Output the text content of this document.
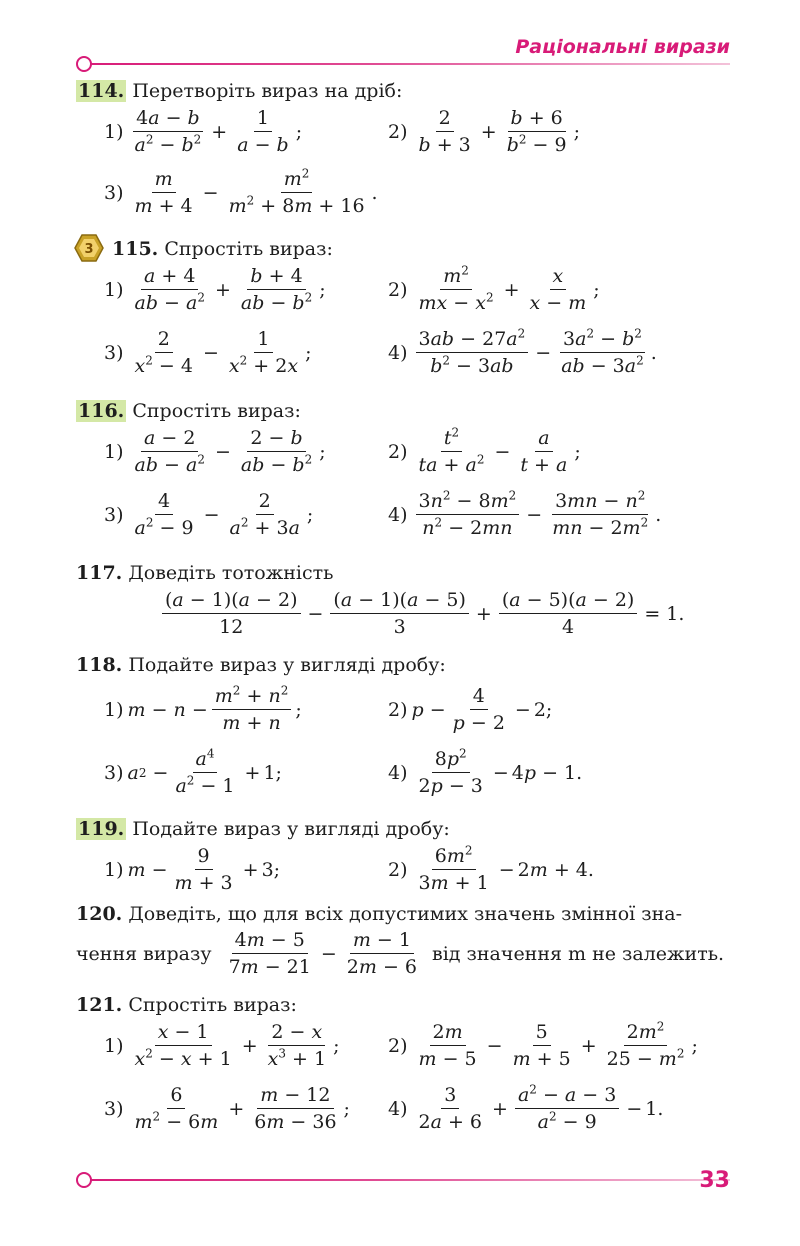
Раціональні вирази
114. Перетворіть вираз на дріб:
$1) \frac{4a - b}{a^2 - b^2} + \frac{1}{a - b}$ ;	$2) \frac{2}{b + 3} + \frac{b + 6}{b^2 - 9}$ ;
$3) \frac{m}{m + 4} - \frac{m^2}{m^2 + 8m + 16}$ .
3 115. Спростіть вираз:
$1) \frac{a + 4}{ab - a^2} + \frac{b + 4}{ab - b^2}$ ;	$2) \frac{m^2}{mx - x^2} + \frac{x}{x - m}$ ;
$3) \frac{2}{x^2 - 4} - \frac{1}{x^2 + 2x}$ ;	$4) \frac{3ab - 27a^2}{b^2 - 3ab} - \frac{3a^2 - b^2}{ab - 3a^2}$ .
116. Спростіть вираз:
$1) \frac{a - 2}{ab - a^2} - \frac{2 - b}{ab - b^2}$ ;	$2) \frac{t^2}{ta + a^2} - \frac{a}{t + a}$ ;
$3) \frac{4}{a^2 - 9} - \frac{2}{a^2 + 3a}$ ;	$4) \frac{3n^2 - 8m^2}{n^2 - 2mn} - \frac{3mn - n^2}{mn - 2m^2}$ .
117. Доведіть тотожність
$\frac{(a - 1)(a - 2)}{12} - \frac{(a - 1)(a - 5)}{3} + \frac{(a - 5)(a - 2)}{4} = 1$.
118. Подайте вираз у вигляді дробу:
1) $m - n - \frac{m^2 + n^2}{m + n}$ ;	2) $p - \frac{4}{p - 2} - 2$;
3) a $2 - \frac{a^4}{a^2 - 1} + 1$;	$4) \frac{8p^2}{2p - 3} - 4$ p − 1.
119. Подайте вираз у вигляді дробу:
1) $m - \frac{9}{m + 3} + 3$;	$2) \frac{6m^2}{3m + 1} - 2$ m + 4.
120. Доведіть, що для всіх допустимих значень змінної зна-
чення виразу $\frac{4m - 5}{7m - 21} - \frac{m - 1}{2m - 6}$ від значення m не залежить.
121. Спростіть вираз:
$1) \frac{x - 1}{x^2 - x + 1} + \frac{2 - x}{x^3 + 1}$ ;	$2) \frac{2m}{m - 5} - \frac{5}{m + 5} + \frac{2m^2}{25 - m^2}$ ;
$3) \frac{6}{m^2 - 6m} + \frac{m - 12}{6m - 36}$ ; $4) \frac{3}{2a + 6} + \frac{a^2 - a - 3}{a^2 - 9} - 1$.
33
